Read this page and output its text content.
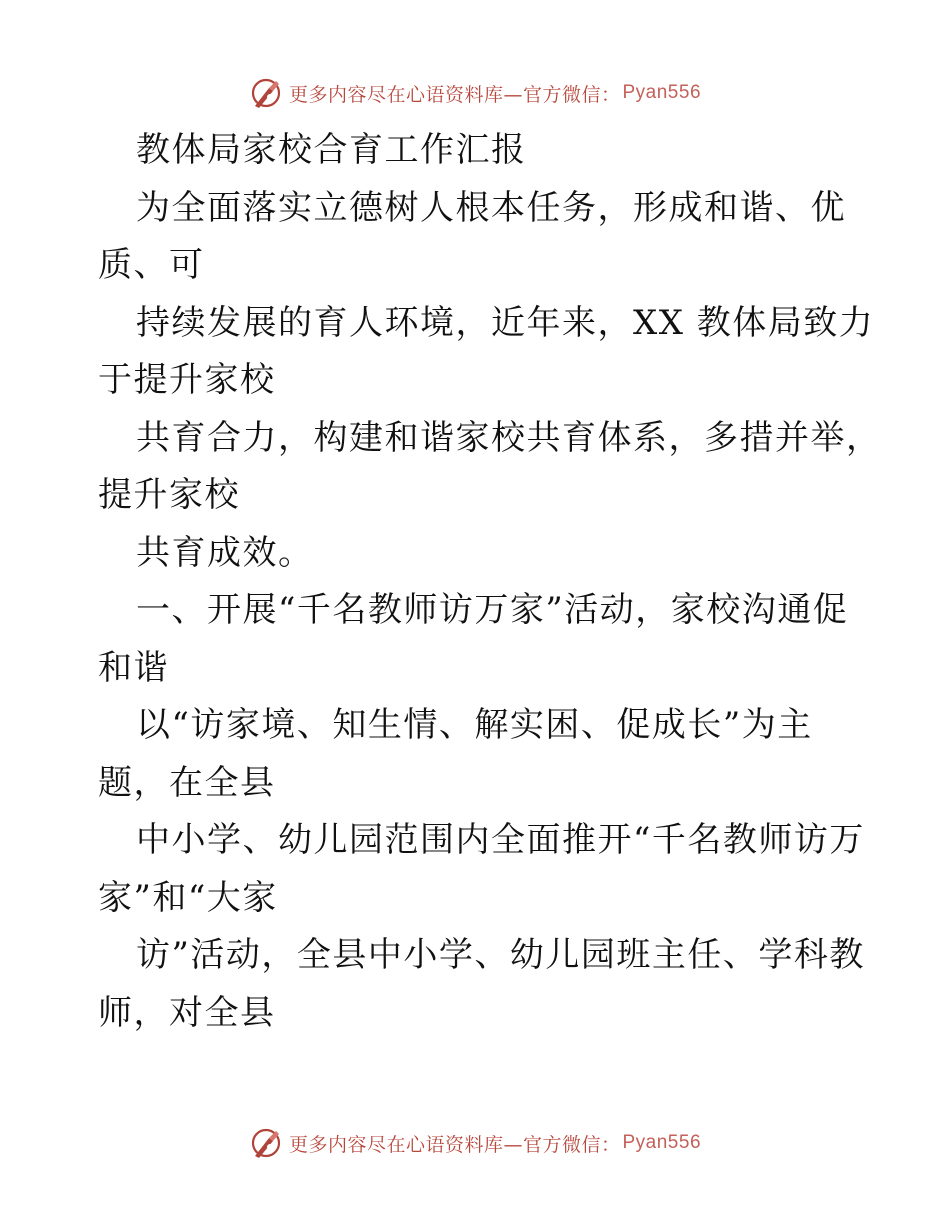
更多内容尽在心语资料库—官方微信： Pyan556
教体局家校合育工作汇报
为全面落实立德树人根本任务，形成和谐、优
质、可
持续发展的育人环境，近年来，XX 教体局致力
于提升家校
共育合力，构建和谐家校共育体系，多措并举，
提升家校
共育成效。
一、开展“千名教师访万家”活动，家校沟通促
和谐
以“访家境、知生情、解实困、促成长”为主
题，在全县
中小学、幼儿园范围内全面推开“千名教师访万
家”和“大家
访”活动，全县中小学、幼儿园班主任、学科教
师，对全县
更多内容尽在心语资料库—官方微信： Pyan556
